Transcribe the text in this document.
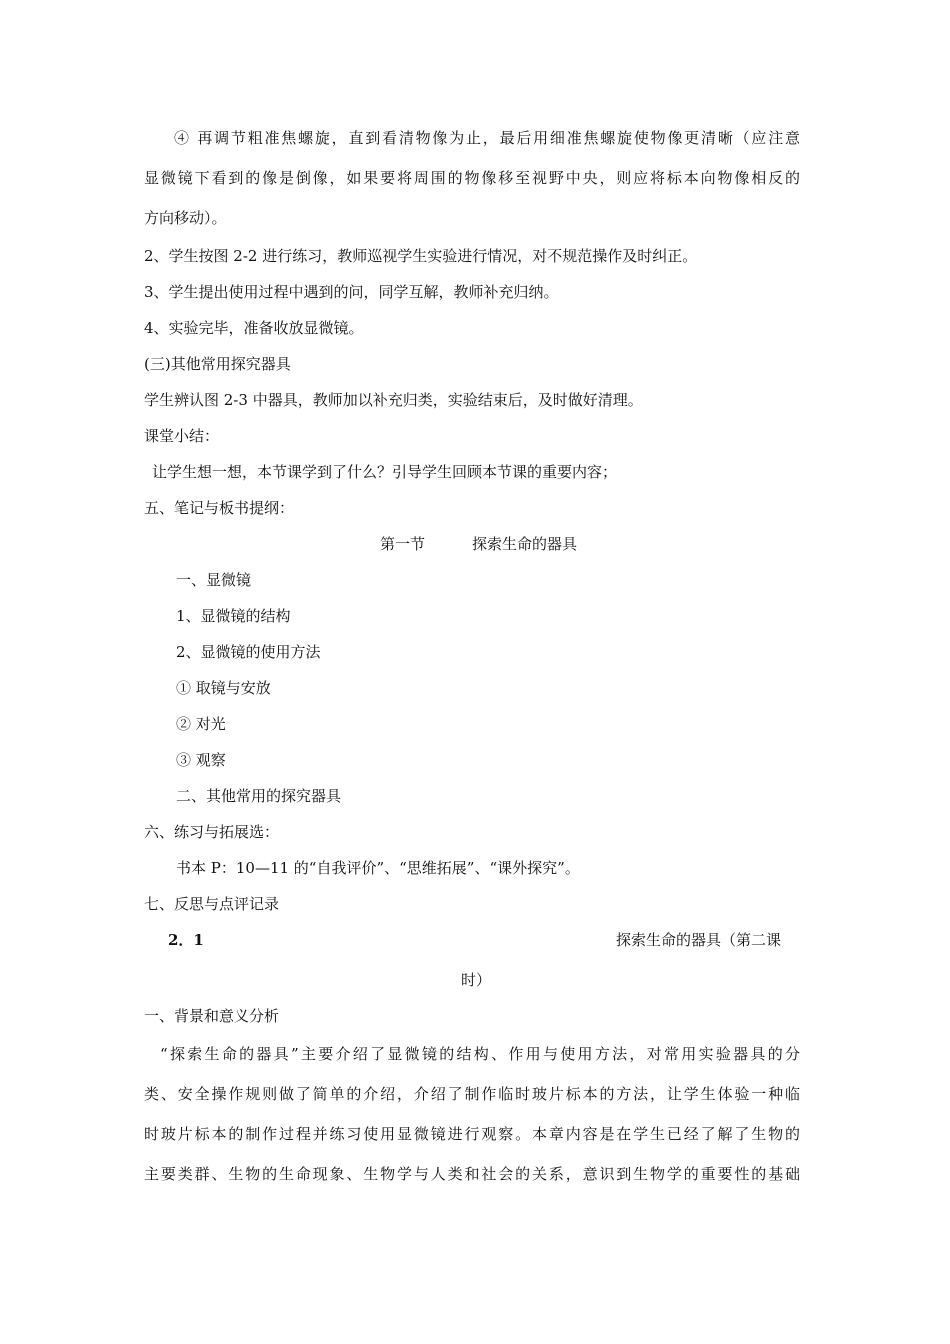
④ 再调节粗准焦螺旋，直到看清物像为止，最后用细准焦螺旋使物像更清晰（应注意
显微镜下看到的像是倒像，如果要将周围的物像移至视野中央，则应将标本向物像相反的
方向移动）。
2、学生按图 2-2 进行练习，教师巡视学生实验进行情况，对不规范操作及时纠正。
3、学生提出使用过程中遇到的问，同学互解，教师补充归纳。
4、实验完毕，准备收放显微镜。
(三)其他常用探究器具
学生辨认图 2-3 中器具，教师加以补充归类，实验结束后，及时做好清理。
课堂小结：
让学生想一想，本节课学到了什么？引导学生回顾本节课的重要内容；
五、笔记与板书提纲：
第一节	探索生命的器具
一、显微镜
1、显微镜的结构
2、显微镜的使用方法
① 取镜与安放
② 对光
③ 观察
二、其他常用的探究器具
六、练习与拓展选：
书本 P：10—11 的“自我评价”、“思维拓展”、“课外探究”。
七、反思与点评记录
2．1	探索生命的器具（第二课
时）
一、背景和意义分析
“探索生命的器具”主要介绍了显微镜的结构、作用与使用方法，对常用实验器具的分
类、安全操作规则做了简单的介绍，介绍了制作临时玻片标本的方法，让学生体验一种临
时玻片标本的制作过程并练习使用显微镜进行观察。本章内容是在学生已经了解了生物的
主要类群、生物的生命现象、生物学与人类和社会的关系，意识到生物学的重要性的基础
